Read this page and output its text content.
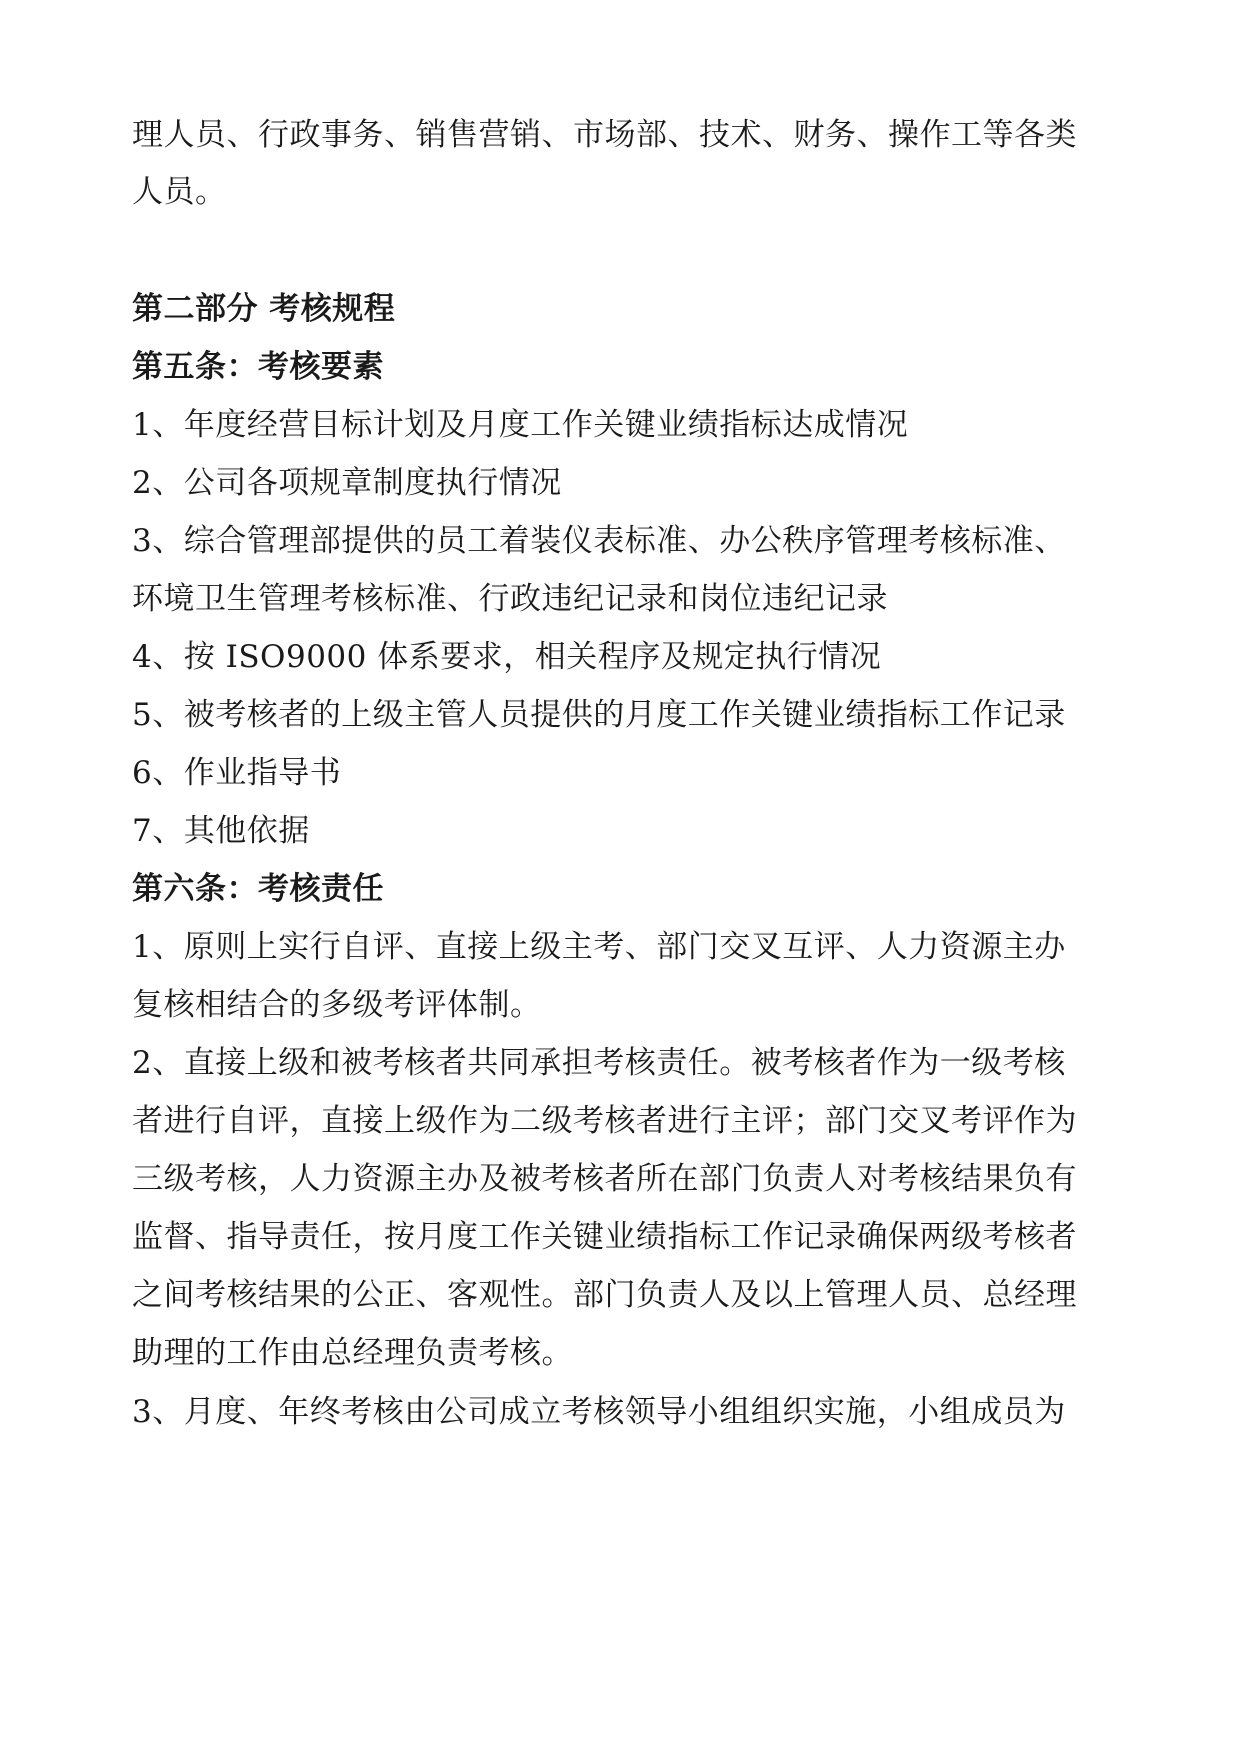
理人员、行政事务、销售营销、市场部、技术、财务、操作工等各类
人员。
第二部分 考核规程
第五条：考核要素
1、年度经营目标计划及月度工作关键业绩指标达成情况
2、公司各项规章制度执行情况
3、综合管理部提供的员工着装仪表标准、办公秩序管理考核标准、
环境卫生管理考核标准、行政违纪记录和岗位违纪记录
4、按 ISO9000 体系要求，相关程序及规定执行情况
5、被考核者的上级主管人员提供的月度工作关键业绩指标工作记录
6、作业指导书
7、其他依据
第六条：考核责任
1、原则上实行自评、直接上级主考、部门交叉互评、人力资源主办
复核相结合的多级考评体制。
2、直接上级和被考核者共同承担考核责任。被考核者作为一级考核
者进行自评，直接上级作为二级考核者进行主评；部门交叉考评作为
三级考核，人力资源主办及被考核者所在部门负责人对考核结果负有
监督、指导责任，按月度工作关键业绩指标工作记录确保两级考核者
之间考核结果的公正、客观性。部门负责人及以上管理人员、总经理
助理的工作由总经理负责考核。
3、月度、年终考核由公司成立考核领导小组组织实施，小组成员为
